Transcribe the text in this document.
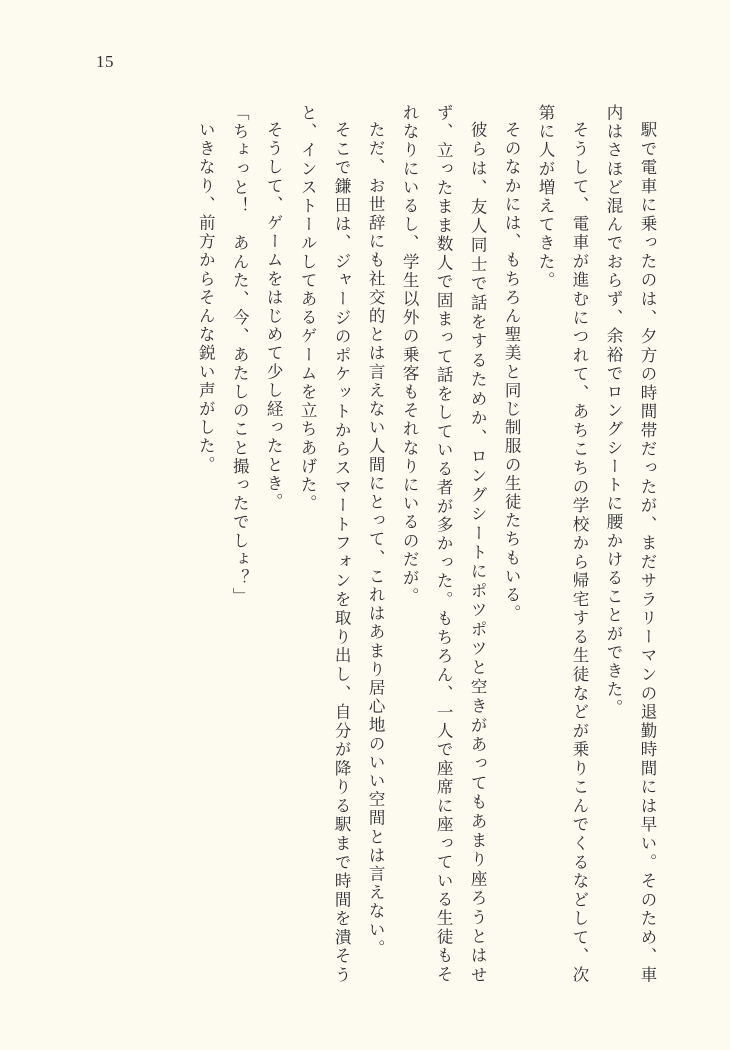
15

駅で電車に乗ったのは、夕方の時間帯だったが、まだサラリーマンの退勤時間には早い。そのため、車内はさほど混んでおらず、余裕でロングシートに腰かけることができた。

そうして、電車が進むにつれて、あちこちの学校から帰宅する生徒などが乗りこんでくるなどして、次第に人が増えてきた。

そのなかには、もちろん聖美と同じ制服の生徒たちもいる。

彼らは、友人同士で話をするためか、ロングシートにポツポツと空きがあってもあまり座ろうとはせず、立ったまま数人で固まって話をしている者が多かった。もちろん、一人で座席に座っている生徒もそれなりにいるし、学生以外の乗客もそれなりにいるのだが。

ただ、お世辞にも社交的とは言えない人間にとって、これはあまり居心地のいい空間とは言えない。

そこで鎌田は、ジャージのポケットからスマートフォンを取り出し、自分が降りる駅まで時間を潰そうと、インストールしてあるゲームを立ちあげた。

そうして、ゲームをはじめて少し経ったとき。

「ちょっと！　あんた、今、あたしのこと撮ったでしょ？」

いきなり、前方からそんな鋭い声がした。
